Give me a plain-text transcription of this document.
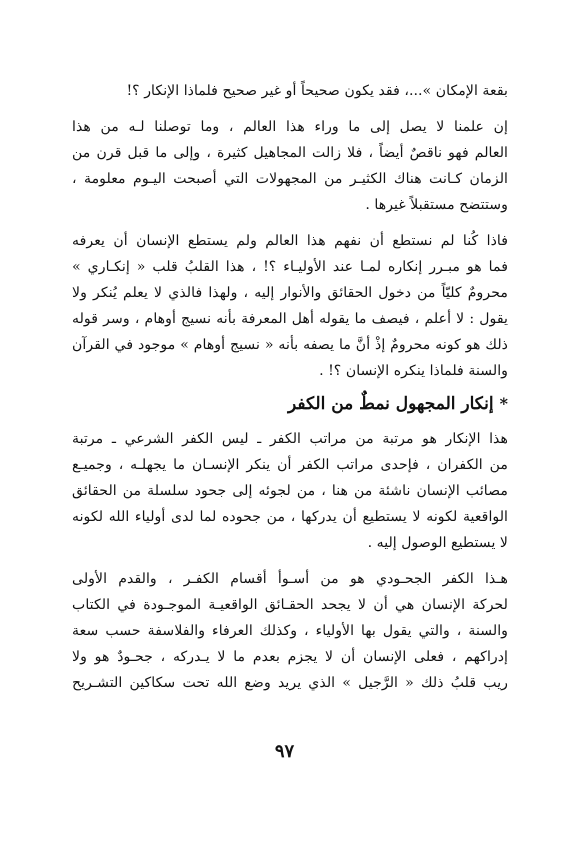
بقعة الإمكان »...، فقد يكون صحيحاً أو غير صحيح فلماذا الإنكار ؟!

إن علمنا لا يصل إلى ما وراء هذا العالم ، وما توصلنا لـه من هذا
العالم فهو ناقصٌ أيضاً ، فلا زالت المجاهيل كثيرة ، وإلى ما قبل قرن من
الزمان كـانت هناك الكثيـر من المجهولات التي أصبحت اليـوم معلومة ،
وستتضح مستقبلاً غيرها .

فاذا كُنا لم نستطع أن نفهم هذا العالم ولم يستطع الإنسان أن يعرفه
فما هو مبـرر إنكاره لمـا عند الأوليـاء ؟! ، هذا القلبُ قلب « إنكـاري »
محرومٌ كليّاً من دخول الحقائق والأنوار إليه ، ولهذا فالذي لا يعلم يُنكر ولا
يقول : لا أعلم ، فيصف ما يقوله أهل المعرفة بأنه نسيج أوهام ، وسر قوله
ذلك هو كونه محرومٌ إذْ أنَّ ما يصفه بأنه « نسيج أوهام » موجود في القرآن
والسنة فلماذا ينكره الإنسان ؟! .

*
إنكار المجهول نمطٌ من الكفر

هذا الإنكار هو مرتبة من مراتب الكفر ـ ليس الكفر الشرعي ـ مرتبة
من الكفران ، فإحدى مراتب الكفر أن ينكر الإنسـان ما يجهلـه ، وجميـع
مصائب الإنسان ناشئة من هنا ، من لجوئه إلى جحود سلسلة من الحقائق
الواقعية لكونه لا يستطيع أن يدركها ، من جحوده لما لدى أولياء الله لكونه
لا يستطيع الوصول إليه .

هـذا الكفر الجحـودي هو من أسـوأ أقسام الكفـر ، والقدم الأولى
لحركة الإنسان هي أن لا يجحد الحقـائق الواقعيـة الموجـودة في الكتاب
والسنة ، والتي يقول بها الأولياء ، وكذلك العرفاء والفلاسفة حسب سعة
إدراكهم ، فعلى الإنسان أن لا يجزم بعدم ما لا يـدركه ، جحـودٌ هو ولا
ريب قلبُ ذلك « الرَّجيل » الذي يريد وضع الله تحت سكاكين التشـريح

٩٧
